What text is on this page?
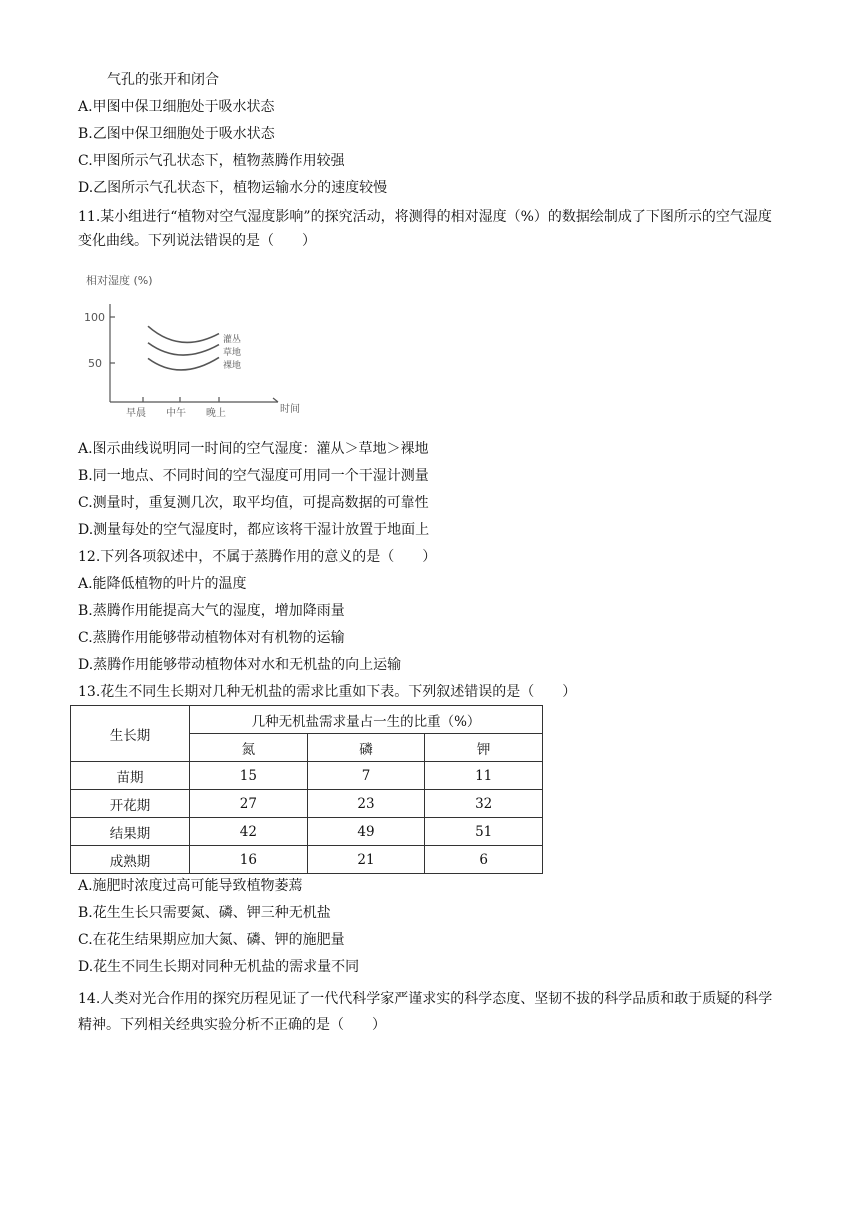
气孔的张开和闭合
A.甲图中保卫细胞处于吸水状态
B.乙图中保卫细胞处于吸水状态
C.甲图所示气孔状态下，植物蒸腾作用较强
D.乙图所示气孔状态下，植物运输水分的速度较慢
11.某小组进行“植物对空气湿度影响”的探究活动，将测得的相对湿度（%）的数据绘制成了下图所示的空气湿度变化曲线。下列说法错误的是（　　）
相对湿度 (%)
100
50
早晨 中午 晚上	时间
灌丛
草地
裸地
A.图示曲线说明同一时间的空气湿度：灌从＞草地＞裸地
B.同一地点、不同时间的空气湿度可用同一个干湿计测量
C.测量时，重复测几次，取平均值，可提高数据的可靠性
D.测量每处的空气湿度时，都应该将干湿计放置于地面上
12.下列各项叙述中，不属于蒸腾作用的意义的是（　　）
A.能降低植物的叶片的温度
B.蒸腾作用能提高大气的湿度，增加降雨量
C.蒸腾作用能够带动植物体对有机物的运输
D.蒸腾作用能够带动植物体对水和无机盐的向上运输
13.花生不同生长期对几种无机盐的需求比重如下表。下列叙述错误的是（　　）
生长期	几种无机盐需求量占一生的比重（%）		
	氮	磷	钾
苗期	15	7	11
开花期	27	23	32
结果期	42	49	51
成熟期	16	21	6
A.施肥时浓度过高可能导致植物萎蔫
B.花生生长只需要氮、磷、钾三种无机盐
C.在花生结果期应加大氮、磷、钾的施肥量
D.花生不同生长期对同种无机盐的需求量不同
14.人类对光合作用的探究历程见证了一代代科学家严谨求实的科学态度、坚韧不拔的科学品质和敢于质疑的科学精神。下列相关经典实验分析不正确的是（　　）
